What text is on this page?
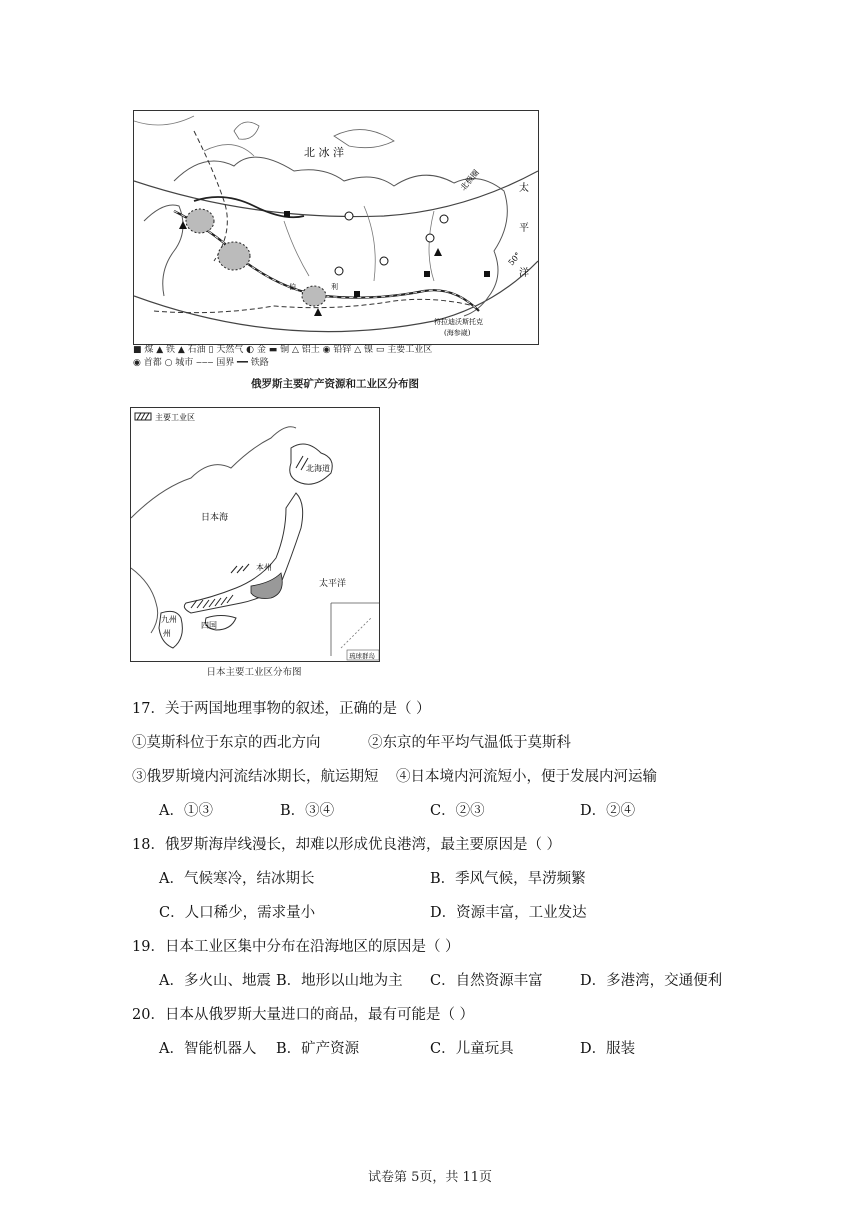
北 冰 洋
太
平
洋
北极圈
50°
符拉迪沃斯托克
(海参崴)
伯	利
■ 煤 ▲ 铁 ▲ 石油 ▯ 天然气 ◐ 金 ▬ 铜 △ 铝土 ◉ 铅锌 △ 镍 ▭ 主要工业区
◉ 首都 ○ 城市 ‒‒‒ 国界 ━━ 铁路
俄罗斯主要矿产资源和工业区分布图
主要工业区
北海道
日本海
本州
太平洋
九州
州
四国
琉球群岛
日本主要工业区分布图
17．关于两国地理事物的叙述，正确的是（ ）
①莫斯科位于东京的西北方向	②东京的年平均气温低于莫斯科
③俄罗斯境内河流结冰期长，航运期短 ④日本境内河流短小，便于发展内河运输
A．①③	B．③④	C．②③	D．②④
18．俄罗斯海岸线漫长，却难以形成优良港湾，最主要原因是（ ）
A．气候寒冷，结冰期长	B．季风气候，旱涝频繁
C．人口稀少，需求量小	D．资源丰富，工业发达
19．日本工业区集中分布在沿海地区的原因是（ ）
A．多火山、地震 B．地形以山地为主 C．自然资源丰富	D．多港湾，交通便利
20．日本从俄罗斯大量进口的商品，最有可能是（ ）
A．智能机器人 B．矿产资源	C．儿童玩具	D．服装
试卷第 5页，共 11页
